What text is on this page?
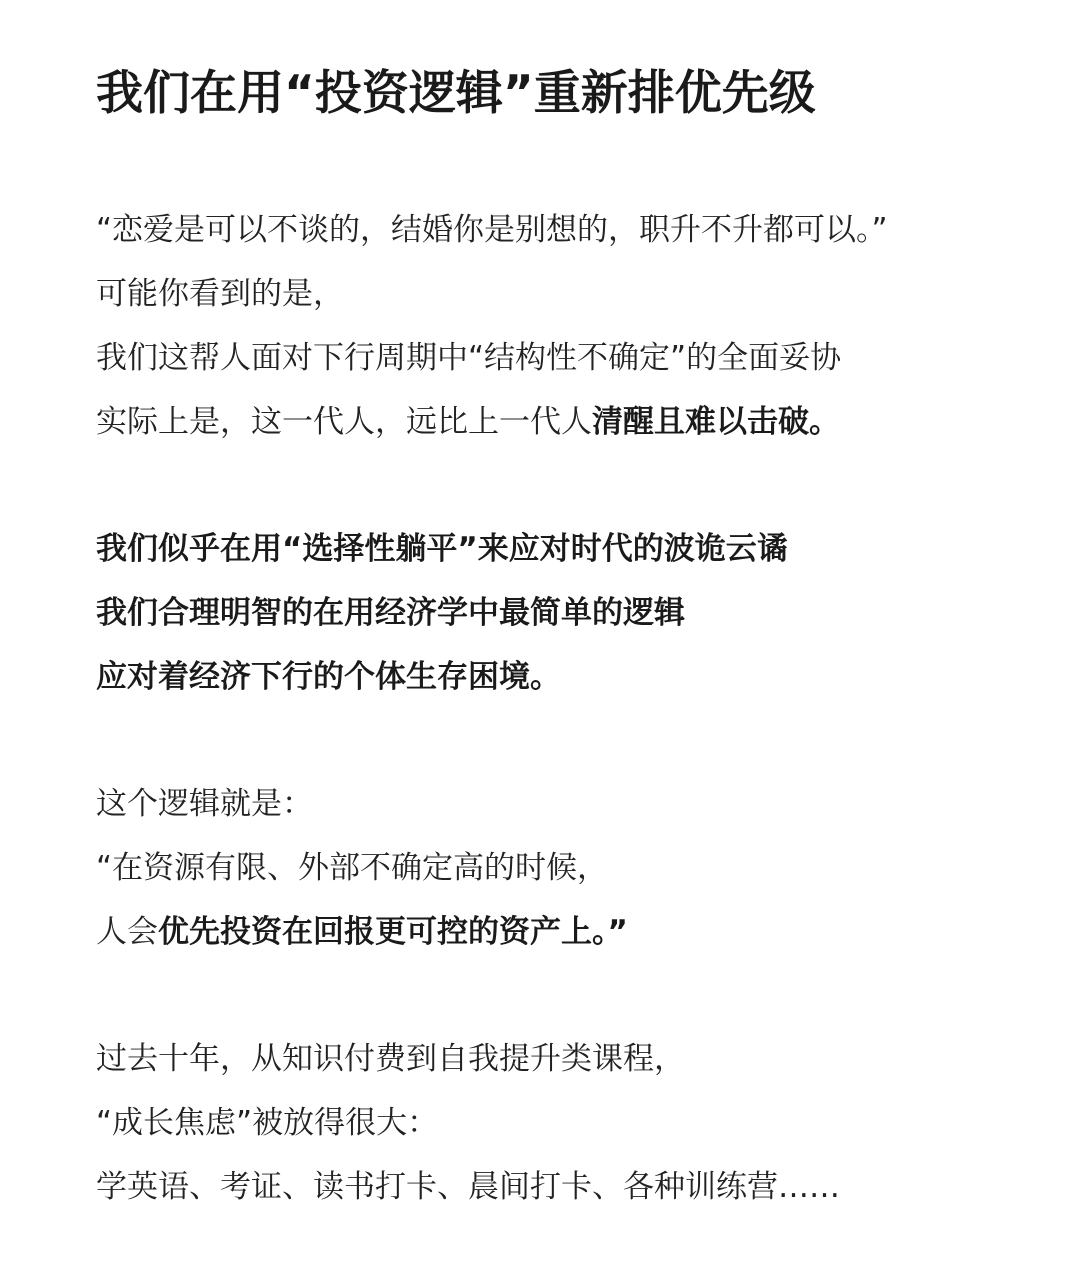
我们在用“投资逻辑”重新排优先级
“恋爱是可以不谈的，结婚你是别想的，职升不升都可以。”
可能你看到的是，
我们这帮人面对下行周期中“结构性不确定”的全面妥协
实际上是，这一代人，远比上一代人清醒且难以击破。
我们似乎在用“选择性躺平”来应对时代的波诡云谲
我们合理明智的在用经济学中最简单的逻辑
应对着经济下行的个体生存困境。
这个逻辑就是：
“在资源有限、外部不确定高的时候，
人会优先投资在回报更可控的资产上。”
过去十年，从知识付费到自我提升类课程，
“成长焦虑”被放得很大：
学英语、考证、读书打卡、晨间打卡、各种训练营……
